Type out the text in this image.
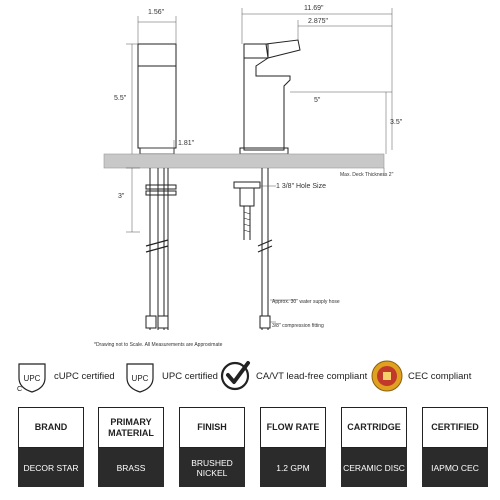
1.56"
11.69"
2.875"
5.5"	5"
3.5"
1.81"
3"
1 3/8" Hole Size
Max. Deck Thickness 2"
Approx. 30" water supply hose
3/8" compression fitting
*Drawing not to Scale. All Measurements are Approximate
UPC
C
cUPC certified UPC UPC certified	CA/VT lead-free compliant	CEC compliant
BRAND
DECOR STAR
PRIMARY MATERIAL
BRASS
FINISH
BRUSHED NICKEL
FLOW RATE
1.2 GPM
CARTRIDGE
CERAMIC DISC
CERTIFIED
IAPMO CEC
